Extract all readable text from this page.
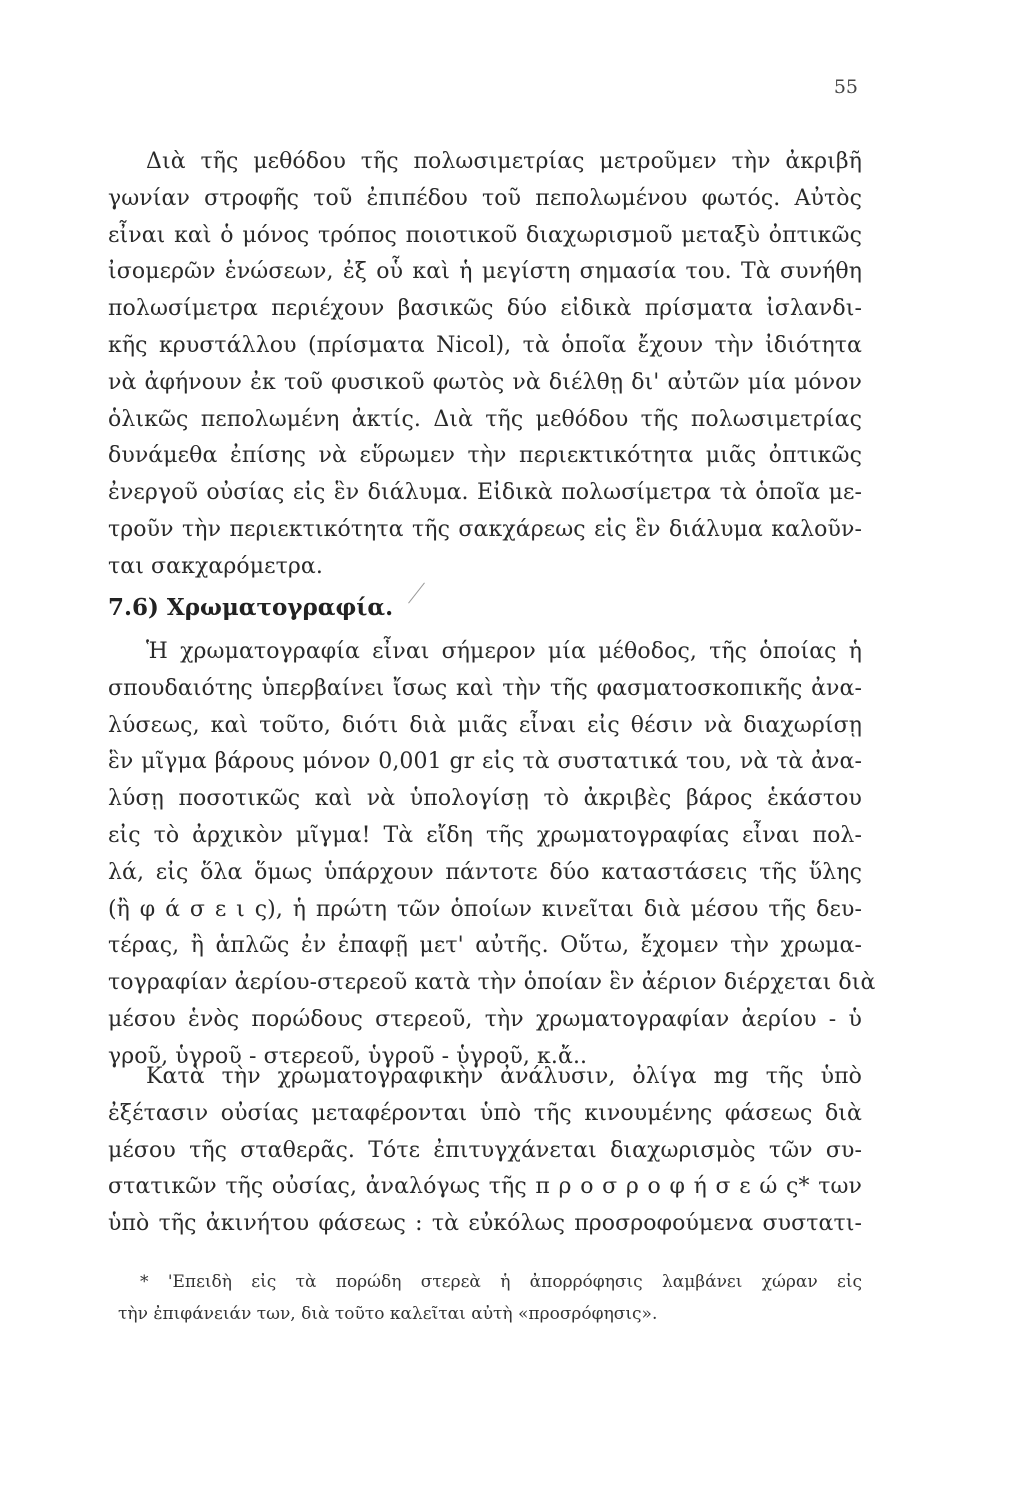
55
Διὰ τῆς μεθόδου τῆς πολωσιμετρίας μετροῦμεν τὴν ἀκριβῆ
γωνίαν στροφῆς τοῦ ἐπιπέδου τοῦ πεπολωμένου φωτός. Αὐτὸς
εἶναι καὶ ὁ μόνος τρόπος ποιοτικοῦ διαχωρισμοῦ μεταξὺ ὀπτικῶς
ἰσομερῶν ἑνώσεων, ἐξ οὗ καὶ ἡ μεγίστη σημασία του. Τὰ συνήθη
πολωσίμετρα περιέχουν βασικῶς δύο εἰδικὰ πρίσματα ἰσλανδι-
κῆς κρυστάλλου (πρίσματα Nicol), τὰ ὁποῖα ἔχουν τὴν ἰδιότητα
νὰ ἀφήνουν ἐκ τοῦ φυσικοῦ φωτὸς νὰ διέλθῃ δι' αὐτῶν μία μόνον
ὁλικῶς πεπολωμένη ἀκτίς. Διὰ τῆς μεθόδου τῆς πολωσιμετρίας
δυνάμεθα ἐπίσης νὰ εὕρωμεν τὴν περιεκτικότητα μιᾶς ὀπτικῶς
ἐνεργοῦ οὐσίας εἰς ἓν διάλυμα. Εἰδικὰ πολωσίμετρα τὰ ὁποῖα με-
τροῦν τὴν περιεκτικότητα τῆς σακχάρεως εἰς ἓν διάλυμα καλοῦν-
ται σακχαρόμετρα.
7.6) Χρωματογραφία.
Ἡ χρωματογραφία εἶναι σήμερον μία μέθοδος, τῆς ὁποίας ἡ
σπουδαιότης ὑπερβαίνει ἴσως καὶ τὴν τῆς φασματοσκοπικῆς ἀνα-
λύσεως, καὶ τοῦτο, διότι διὰ μιᾶς εἶναι εἰς θέσιν νὰ διαχωρίσῃ
ἓν μῖγμα βάρους μόνον 0,001 gr εἰς τὰ συστατικά του, νὰ τὰ ἀνα-
λύσῃ ποσοτικῶς καὶ νὰ ὑπολογίσῃ τὸ ἀκριβὲς βάρος ἑκάστου
εἰς τὸ ἀρχικὸν μῖγμα! Τὰ εἴδη τῆς χρωματογραφίας εἶναι πολ-
λά, εἰς ὅλα ὅμως ὑπάρχουν πάντοτε δύο καταστάσεις τῆς ὕλης
(ἢ φ ά σ ε ι ς), ἡ πρώτη τῶν ὁποίων κινεῖται διὰ μέσου τῆς δευ-
τέρας, ἢ ἁπλῶς ἐν ἐπαφῇ μετ' αὐτῆς. Οὕτω, ἔχομεν τὴν χρωμα-
τογραφίαν ἀερίου-στερεοῦ κατὰ τὴν ὁποίαν ἓν ἀέριον διέρχεται διὰ
μέσου ἑνὸς πορώδους στερεοῦ, τὴν χρωματογραφίαν ἀερίου - ὑ
γροῦ, ὑγροῦ - στερεοῦ, ὑγροῦ - ὑγροῦ, κ.ἄ..
Κατὰ τὴν χρωματογραφικὴν ἀνάλυσιν, ὀλίγα mg τῆς ὑπὸ
ἐξέτασιν οὐσίας μεταφέρονται ὑπὸ τῆς κινουμένης φάσεως διὰ
μέσου τῆς σταθερᾶς. Τότε ἐπιτυγχάνεται διαχωρισμὸς τῶν συ-
στατικῶν τῆς οὐσίας, ἀναλόγως τῆς π ρ ο σ ρ ο φ ή σ ε ώ ς* των
ὑπὸ τῆς ἀκινήτου φάσεως : τὰ εὐκόλως προσροφούμενα συστατι-
* 'Επειδὴ εἰς τὰ πορώδη στερεὰ ἡ ἀπορρόφησις λαμβάνει χώραν εἰς
τὴν ἐπιφάνειάν των, διὰ τοῦτο καλεῖται αὐτὴ «προσρόφησις».
